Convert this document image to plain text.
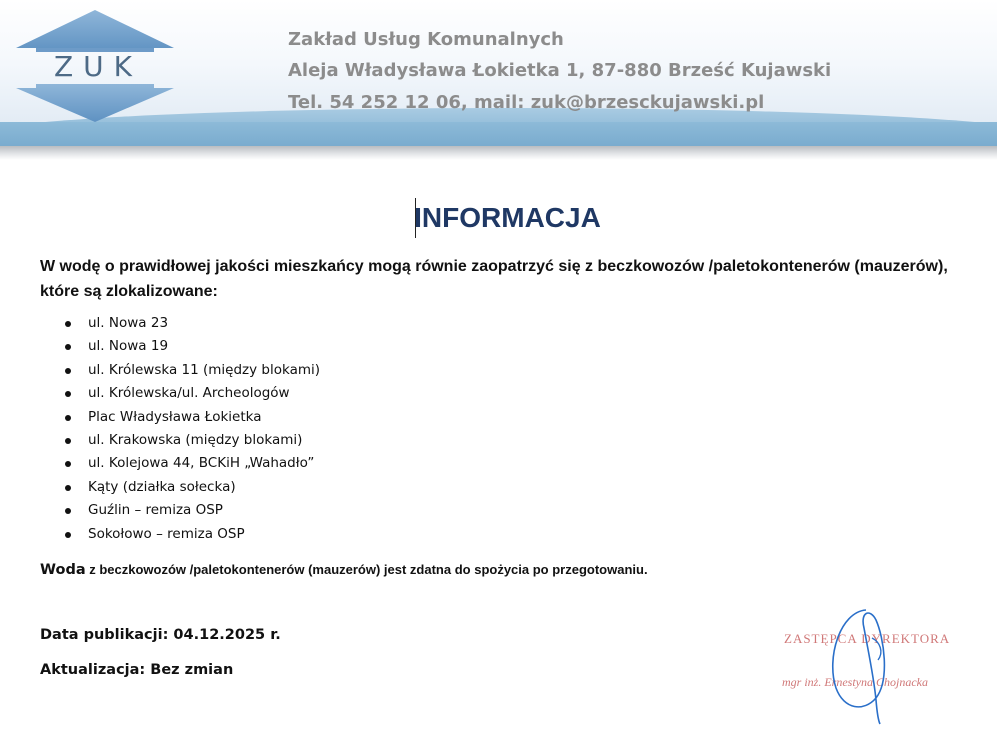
ZUK
Zakład Usług Komunalnych
Aleja Władysława Łokietka 1, 87-880 Brześć Kujawski
Tel. 54 252 12 06, mail: zuk@brzesckujawski.pl
INFORMACJA
W wodę o prawidłowej jakości mieszkańcy mogą równie zaopatrzyć się z beczkowozów /paletokontenerów (mauzerów), które są zlokalizowane:
ul. Nowa 23
ul. Nowa 19
ul. Królewska 11 (między blokami)
ul. Królewska/ul. Archeologów
Plac Władysława Łokietka
ul. Krakowska (między blokami)
ul. Kolejowa 44, BCKiH „Wahadło”
Kąty (działka sołecka)
Guźlin – remiza OSP
Sokołowo – remiza OSP
Woda z beczkowozów /paletokontenerów (mauzerów) jest zdatna do spożycia po przegotowaniu.
Data publikacji: 04.12.2025 r.
Aktualizacja: Bez zmian
ZASTĘPCA DYREKTORA
mgr inż. Ernestyna Chojnacka
